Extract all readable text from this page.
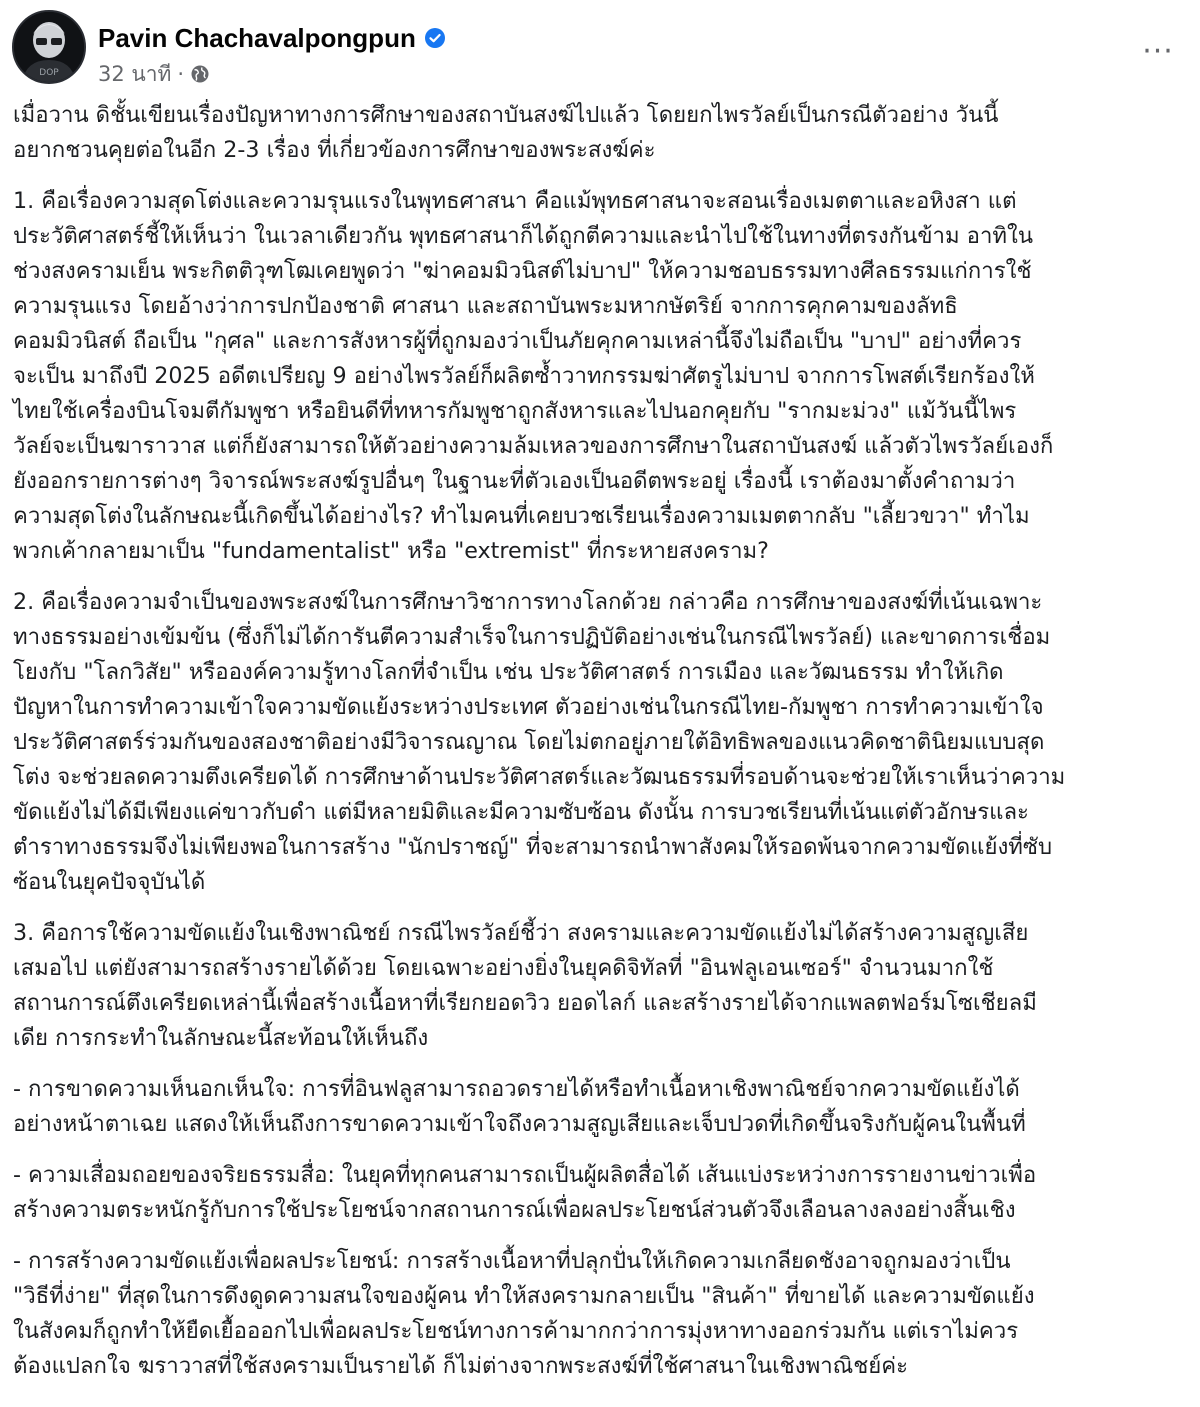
DOP
Pavin Chachavalpongpun
32 นาที ·
···

เมื่อวาน ดิชั้นเขียนเรื่องปัญหาทางการศึกษาของสถาบันสงฆ์ไปแล้ว โดยยกไพรวัลย์เป็นกรณีตัวอย่าง วันนี้
อยากชวนคุยต่อในอีก 2-3 เรื่อง ที่เกี่ยวข้องการศึกษาของพระสงฆ์ค่ะ

1. คือเรื่องความสุดโต่งและความรุนแรงในพุทธศาสนา คือแม้พุทธศาสนาจะสอนเรื่องเมตตาและอหิงสา แต่
ประวัติศาสตร์ชี้ให้เห็นว่า ในเวลาเดียวกัน พุทธศาสนาก็ได้ถูกตีความและนำไปใช้ในทางที่ตรงกันข้าม อาทิใน
ช่วงสงครามเย็น พระกิตติวุฑโฒเคยพูดว่า "ฆ่าคอมมิวนิสต์ไม่บาป" ให้ความชอบธรรมทางศีลธรรมแก่การใช้
ความรุนแรง โดยอ้างว่าการปกป้องชาติ ศาสนา และสถาบันพระมหากษัตริย์ จากการคุกคามของลัทธิ
คอมมิวนิสต์ ถือเป็น "กุศล" และการสังหารผู้ที่ถูกมองว่าเป็นภัยคุกคามเหล่านี้จึงไม่ถือเป็น "บาป" อย่างที่ควร
จะเป็น มาถึงปี 2025 อดีตเปรียญ 9 อย่างไพรวัลย์ก็ผลิตซ้ำวาทกรรมฆ่าศัตรูไม่บาป จากการโพสต์เรียกร้องให้
ไทยใช้เครื่องบินโจมตีกัมพูชา หรือยินดีที่ทหารกัมพูชาถูกสังหารและไปนอกคุยกับ "รากมะม่วง" แม้วันนี้ไพร
วัลย์จะเป็นฆาราวาส แต่ก็ยังสามารถให้ตัวอย่างความล้มเหลวของการศึกษาในสถาบันสงฆ์ แล้วตัวไพรวัลย์เองก็
ยังออกรายการต่างๆ วิจารณ์พระสงฆ์รูปอื่นๆ ในฐานะที่ตัวเองเป็นอดีตพระอยู่ เรื่องนี้ เราต้องมาตั้งคำถามว่า
ความสุดโต่งในลักษณะนี้เกิดขึ้นได้อย่างไร? ทำไมคนที่เคยบวชเรียนเรื่องความเมตตากลับ "เลี้ยวขวา" ทำไม
พวกเค้ากลายมาเป็น "fundamentalist" หรือ "extremist" ที่กระหายสงคราม?

2. คือเรื่องความจำเป็นของพระสงฆ์ในการศึกษาวิชาการทางโลกด้วย กล่าวคือ การศึกษาของสงฆ์ที่เน้นเฉพาะ
ทางธรรมอย่างเข้มข้น (ซึ่งก็ไม่ได้การันตีความสำเร็จในการปฏิบัติอย่างเช่นในกรณีไพรวัลย์) และขาดการเชื่อม
โยงกับ "โลกวิสัย" หรือองค์ความรู้ทางโลกที่จำเป็น เช่น ประวัติศาสตร์ การเมือง และวัฒนธรรม ทำให้เกิด
ปัญหาในการทำความเข้าใจความขัดแย้งระหว่างประเทศ ตัวอย่างเช่นในกรณีไทย-กัมพูชา การทำความเข้าใจ
ประวัติศาสตร์ร่วมกันของสองชาติอย่างมีวิจารณญาณ โดยไม่ตกอยู่ภายใต้อิทธิพลของแนวคิดชาตินิยมแบบสุด
โต่ง จะช่วยลดความตึงเครียดได้ การศึกษาด้านประวัติศาสตร์และวัฒนธรรมที่รอบด้านจะช่วยให้เราเห็นว่าความ
ขัดแย้งไม่ได้มีเพียงแค่ขาวกับดำ แต่มีหลายมิติและมีความซับซ้อน ดังนั้น การบวชเรียนที่เน้นแต่ตัวอักษรและ
ตำราทางธรรมจึงไม่เพียงพอในการสร้าง "นักปราชญ์" ที่จะสามารถนำพาสังคมให้รอดพ้นจากความขัดแย้งที่ซับ
ซ้อนในยุคปัจจุบันได้

3. คือการใช้ความขัดแย้งในเชิงพาณิชย์ กรณีไพรวัลย์ชี้ว่า สงครามและความขัดแย้งไม่ได้สร้างความสูญเสีย
เสมอไป แต่ยังสามารถสร้างรายได้ด้วย โดยเฉพาะอย่างยิ่งในยุคดิจิทัลที่ "อินฟลูเอนเซอร์" จำนวนมากใช้
สถานการณ์ตึงเครียดเหล่านี้เพื่อสร้างเนื้อหาที่เรียกยอดวิว ยอดไลก์ และสร้างรายได้จากแพลตฟอร์มโซเชียลมี
เดีย การกระทำในลักษณะนี้สะท้อนให้เห็นถึง

- การขาดความเห็นอกเห็นใจ: การที่อินฟลูสามารถอวดรายได้หรือทำเนื้อหาเชิงพาณิชย์จากความขัดแย้งได้
อย่างหน้าตาเฉย แสดงให้เห็นถึงการขาดความเข้าใจถึงความสูญเสียและเจ็บปวดที่เกิดขึ้นจริงกับผู้คนในพื้นที่

- ความเสื่อมถอยของจริยธรรมสื่อ: ในยุคที่ทุกคนสามารถเป็นผู้ผลิตสื่อได้ เส้นแบ่งระหว่างการรายงานข่าวเพื่อ
สร้างความตระหนักรู้กับการใช้ประโยชน์จากสถานการณ์เพื่อผลประโยชน์ส่วนตัวจึงเลือนลางลงอย่างสิ้นเชิง

- การสร้างความขัดแย้งเพื่อผลประโยชน์: การสร้างเนื้อหาที่ปลุกปั่นให้เกิดความเกลียดชังอาจถูกมองว่าเป็น
"วิธีที่ง่าย" ที่สุดในการดึงดูดความสนใจของผู้คน ทำให้สงครามกลายเป็น "สินค้า" ที่ขายได้ และความขัดแย้ง
ในสังคมก็ถูกทำให้ยืดเยื้อออกไปเพื่อผลประโยชน์ทางการค้ามากกว่าการมุ่งหาทางออกร่วมกัน แต่เราไม่ควร
ต้องแปลกใจ ฆราวาสที่ใช้สงครามเป็นรายได้ ก็ไม่ต่างจากพระสงฆ์ที่ใช้ศาสนาในเชิงพาณิชย์ค่ะ
